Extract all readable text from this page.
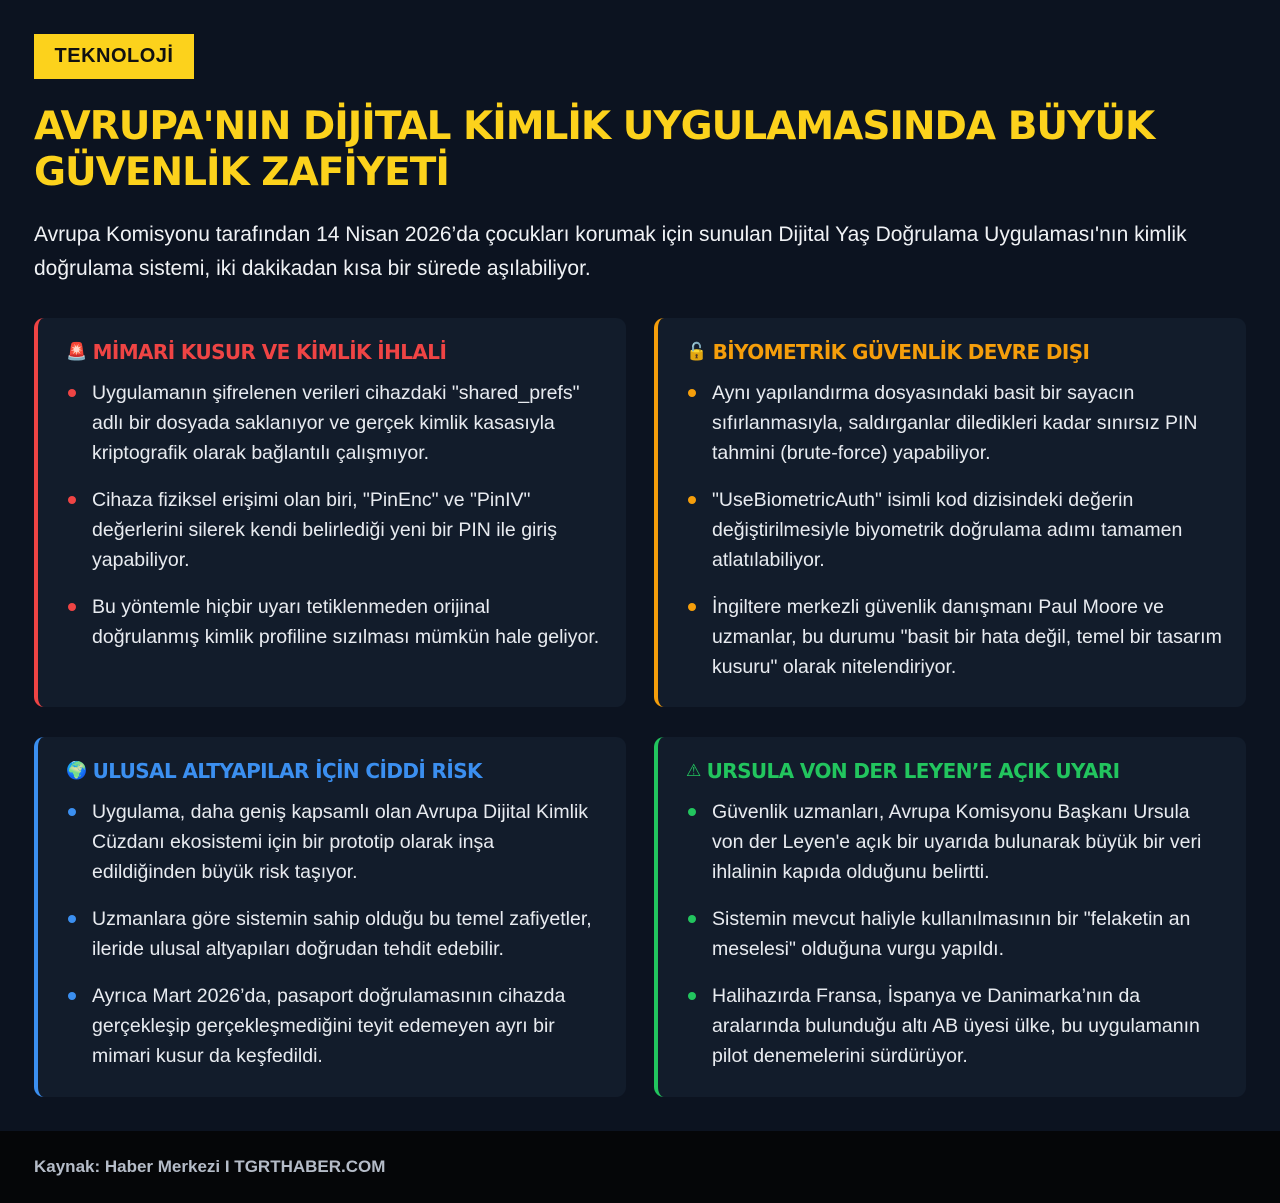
TEKNOLOJİ
AVRUPA'NIN DİJİTAL KİMLİK UYGULAMASINDA BÜYÜK GÜVENLİK ZAFİYETİ

Avrupa Komisyonu tarafından 14 Nisan 2026’da çocukları korumak için sunulan Dijital Yaş Doğrulama Uygulaması'nın kimlik doğrulama sistemi, iki dakikadan kısa bir sürede aşılabiliyor.

🚨 MİMARİ KUSUR VE KİMLİK İHLALİ
Uygulamanın şifrelenen verileri cihazdaki "shared_prefs" adlı bir dosyada saklanıyor ve gerçek kimlik kasasıyla kriptografik olarak bağlantılı çalışmıyor.
Cihaza fiziksel erişimi olan biri, "PinEnc" ve "PinIV" değerlerini silerek kendi belirlediği yeni bir PIN ile giriş yapabiliyor.
Bu yöntemle hiçbir uyarı tetiklenmeden orijinal doğrulanmış kimlik profiline sızılması mümkün hale geliyor.
🔓 BİYOMETRİK GÜVENLİK DEVRE DIŞI
Aynı yapılandırma dosyasındaki basit bir sayacın sıfırlanmasıyla, saldırganlar diledikleri kadar sınırsız PIN tahmini (brute-force) yapabiliyor.
"UseBiometricAuth" isimli kod dizisindeki değerin değiştirilmesiyle biyometrik doğrulama adımı tamamen atlatılabiliyor.
İngiltere merkezli güvenlik danışmanı Paul Moore ve uzmanlar, bu durumu "basit bir hata değil, temel bir tasarım kusuru" olarak nitelendiriyor.
🌍 ULUSAL ALTYAPILAR İÇİN CİDDİ RİSK
Uygulama, daha geniş kapsamlı olan Avrupa Dijital Kimlik Cüzdanı ekosistemi için bir prototip olarak inşa edildiğinden büyük risk taşıyor.
Uzmanlara göre sistemin sahip olduğu bu temel zafiyetler, ileride ulusal altyapıları doğrudan tehdit edebilir.
Ayrıca Mart 2026’da, pasaport doğrulamasının cihazda gerçekleşip gerçekleşmediğini teyit edemeyen ayrı bir mimari kusur da keşfedildi.
⚠ URSULA VON DER LEYEN’E AÇIK UYARI
Güvenlik uzmanları, Avrupa Komisyonu Başkanı Ursula von der Leyen'e açık bir uyarıda bulunarak büyük bir veri ihlalinin kapıda olduğunu belirtti.
Sistemin mevcut haliyle kullanılmasının bir "felaketin an meselesi" olduğuna vurgu yapıldı.
Halihazırda Fransa, İspanya ve Danimarka’nın da aralarında bulunduğu altı AB üyesi ülke, bu uygulamanın pilot denemelerini sürdürüyor.
Kaynak: Haber Merkezi I TGRTHABER.COM
